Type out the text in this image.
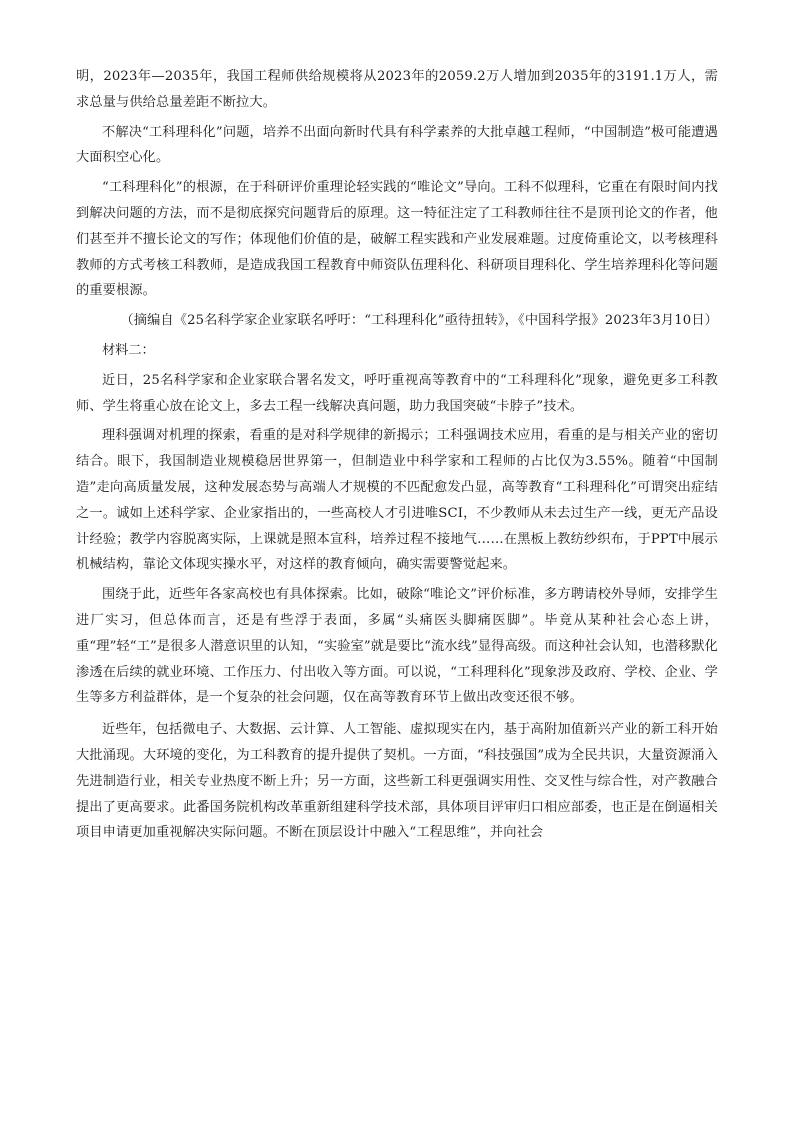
明，2023年—2035年，我国工程师供给规模将从2023年的2059.2万人增加到2035年的3191.1万人，需求总量与供给总量差距不断拉大。

不解决“工科理科化”问题，培养不出面向新时代具有科学素养的大批卓越工程师，“中国制造”极可能遭遇大面积空心化。

“工科理科化”的根源，在于科研评价重理论轻实践的“唯论文”导向。工科不似理科，它重在有限时间内找到解决问题的方法，而不是彻底探究问题背后的原理。这一特征注定了工科教师往往不是顶刊论文的作者，他们甚至并不擅长论文的写作；体现他们价值的是，破解工程实践和产业发展难题。过度倚重论文，以考核理科教师的方式考核工科教师，是造成我国工程教育中师资队伍理科化、科研项目理科化、学生培养理科化等问题的重要根源。

（摘编自《25名科学家企业家联名呼吁：“工科理科化”亟待扭转》，《中国科学报》2023年3月10日）

材料二：

近日，25名科学家和企业家联合署名发文，呼吁重视高等教育中的“工科理科化”现象，避免更多工科教师、学生将重心放在论文上，多去工程一线解决真问题，助力我国突破“卡脖子”技术。

理科强调对机理的探索，看重的是对科学规律的新揭示；工科强调技术应用，看重的是与相关产业的密切结合。眼下，我国制造业规模稳居世界第一，但制造业中科学家和工程师的占比仅为3.55%。随着“中国制造”走向高质量发展，这种发展态势与高端人才规模的不匹配愈发凸显，高等教育“工科理科化”可谓突出症结之一。诚如上述科学家、企业家指出的，一些高校人才引进唯SCI，不少教师从未去过生产一线，更无产品设计经验；教学内容脱离实际，上课就是照本宣科，培养过程不接地气……在黑板上教纺纱织布，于PPT中展示机械结构，靠论文体现实操水平，对这样的教育倾向，确实需要警觉起来。

围绕于此，近些年各家高校也有具体探索。比如，破除“唯论文”评价标准，多方聘请校外导师，安排学生进厂实习，但总体而言，还是有些浮于表面，多属“头痛医头脚痛医脚”。毕竟从某种社会心态上讲，重“理”轻“工”是很多人潜意识里的认知，“实验室”就是要比“流水线”显得高级。而这种社会认知，也潜移默化渗透在后续的就业环境、工作压力、付出收入等方面。可以说，“工科理科化”现象涉及政府、学校、企业、学生等多方利益群体，是一个复杂的社会问题，仅在高等教育环节上做出改变还很不够。

近些年，包括微电子、大数据、云计算、人工智能、虚拟现实在内，基于高附加值新兴产业的新工科开始大批涌现。大环境的变化，为工科教育的提升提供了契机。一方面，“科技强国”成为全民共识，大量资源涌入先进制造行业，相关专业热度不断上升；另一方面，这些新工科更强调实用性、交叉性与综合性，对产教融合提出了更高要求。此番国务院机构改革重新组建科学技术部，具体项目评审归口相应部委，也正是在倒逼相关项目申请更加重视解决实际问题。不断在顶层设计中融入“工程思维”，并向社会
